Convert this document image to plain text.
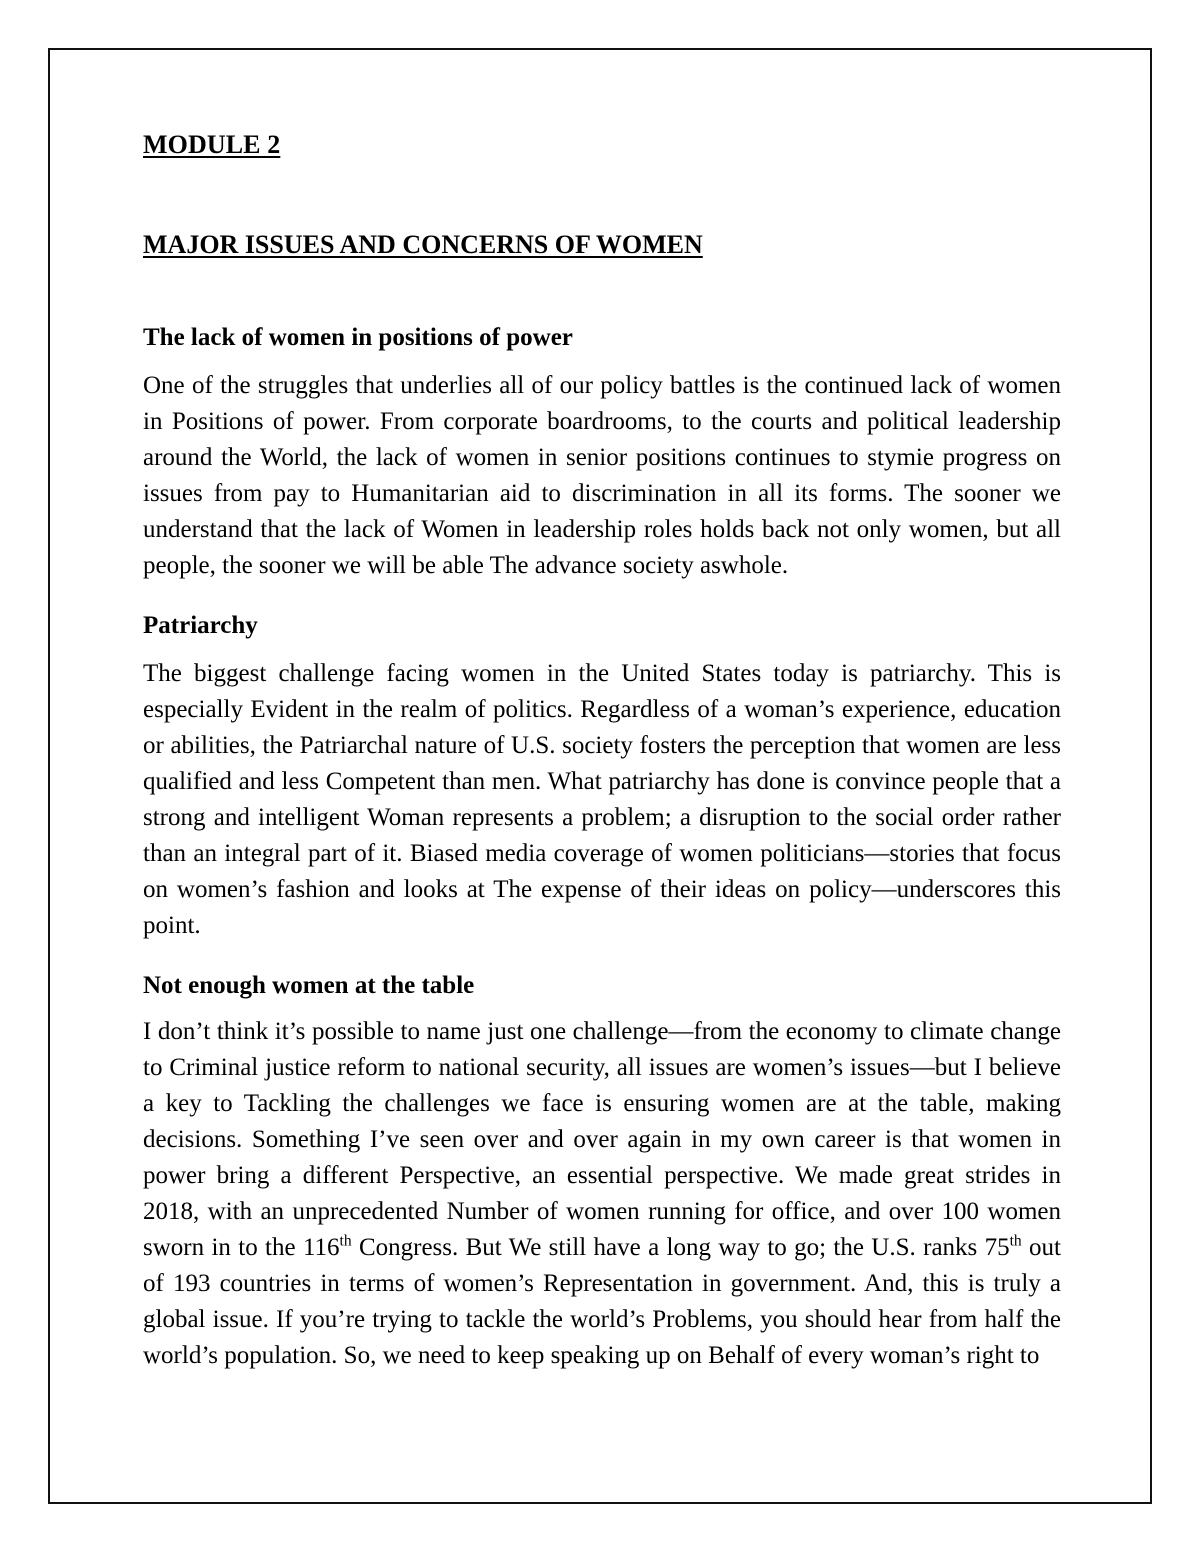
MODULE 2
MAJOR ISSUES AND CONCERNS OF WOMEN
The lack of women in positions of power

One of the struggles that underlies all of our policy battles is the continued lack of women in Positions of power. From corporate boardrooms, to the courts and political leadership around the World, the lack of women in senior positions continues to stymie progress on issues from pay to Humanitarian aid to discrimination in all its forms. The sooner we understand that the lack of Women in leadership roles holds back not only women, but all people, the sooner we will be able The advance society aswhole.

Patriarchy

The biggest challenge facing women in the United States today is patriarchy. This is especially Evident in the realm of politics. Regardless of a woman’s experience, education or abilities, the Patriarchal nature of U.S. society fosters the perception that women are less qualified and less Competent than men. What patriarchy has done is convince people that a strong and intelligent Woman represents a problem; a disruption to the social order rather than an integral part of it. Biased media coverage of women politicians—stories that focus on women’s fashion and looks at The expense of their ideas on policy—underscores this point.

Not enough women at the table

I don’t think it’s possible to name just one challenge—from the economy to climate change to Criminal justice reform to national security, all issues are women’s issues—but I believe a key to Tackling the challenges we face is ensuring women are at the table, making decisions. Something I’ve seen over and over again in my own career is that women in power bring a different Perspective, an essential perspective. We made great strides in 2018, with an unprecedented Number of women running for office, and over 100 women sworn in to the 116th Congress. But We still have a long way to go; the U.S. ranks 75th out of 193 countries in terms of women’s Representation in government. And, this is truly a global issue. If you’re trying to tackle the world’s Problems, you should hear from half the world’s population. So, we need to keep speaking up on Behalf of every woman’s right to
